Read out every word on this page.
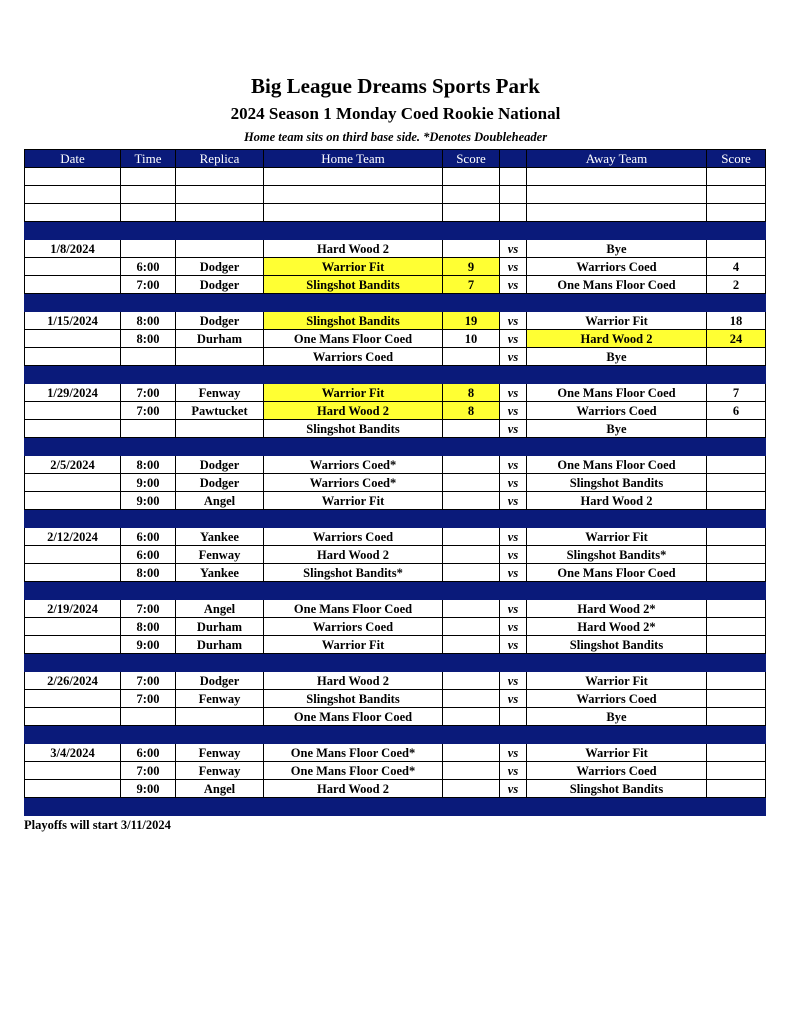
Big League Dreams Sports Park
2024 Season 1 Monday Coed Rookie National
Home team sits on third base side. *Denotes Doubleheader
Date	Time	Replica	Home Team	Score		Away Team	Score

1/8/2024			Hard Wood 2		vs	Bye	
	6:00	Dodger	Warrior Fit	9	vs	Warriors Coed	4
	7:00	Dodger	Slingshot Bandits	7	vs	One Mans Floor Coed	2

1/15/2024	8:00	Dodger	Slingshot Bandits	19	vs	Warrior Fit	18
	8:00	Durham	One Mans Floor Coed	10	vs	Hard Wood 2	24
			Warriors Coed		vs	Bye	

1/29/2024	7:00	Fenway	Warrior Fit	8	vs	One Mans Floor Coed	7
	7:00	Pawtucket	Hard Wood 2	8	vs	Warriors Coed	6
			Slingshot Bandits		vs	Bye	

2/5/2024	8:00	Dodger	Warriors Coed*		vs	One Mans Floor Coed	
	9:00	Dodger	Warriors Coed*		vs	Slingshot Bandits	
	9:00	Angel	Warrior Fit		vs	Hard Wood 2	

2/12/2024	6:00	Yankee	Warriors Coed		vs	Warrior Fit	
	6:00	Fenway	Hard Wood 2		vs	Slingshot Bandits*	
	8:00	Yankee	Slingshot Bandits*		vs	One Mans Floor Coed	

2/19/2024	7:00	Angel	One Mans Floor Coed		vs	Hard Wood 2*	
	8:00	Durham	Warriors Coed		vs	Hard Wood 2*	
	9:00	Durham	Warrior Fit		vs	Slingshot Bandits	

2/26/2024	7:00	Dodger	Hard Wood 2		vs	Warrior Fit	
	7:00	Fenway	Slingshot Bandits		vs	Warriors Coed	
			One Mans Floor Coed			Bye	

3/4/2024	6:00	Fenway	One Mans Floor Coed*		vs	Warrior Fit	
	7:00	Fenway	One Mans Floor Coed*		vs	Warriors Coed	
	9:00	Angel	Hard Wood 2		vs	Slingshot Bandits	

Playoffs will start 3/11/2024
